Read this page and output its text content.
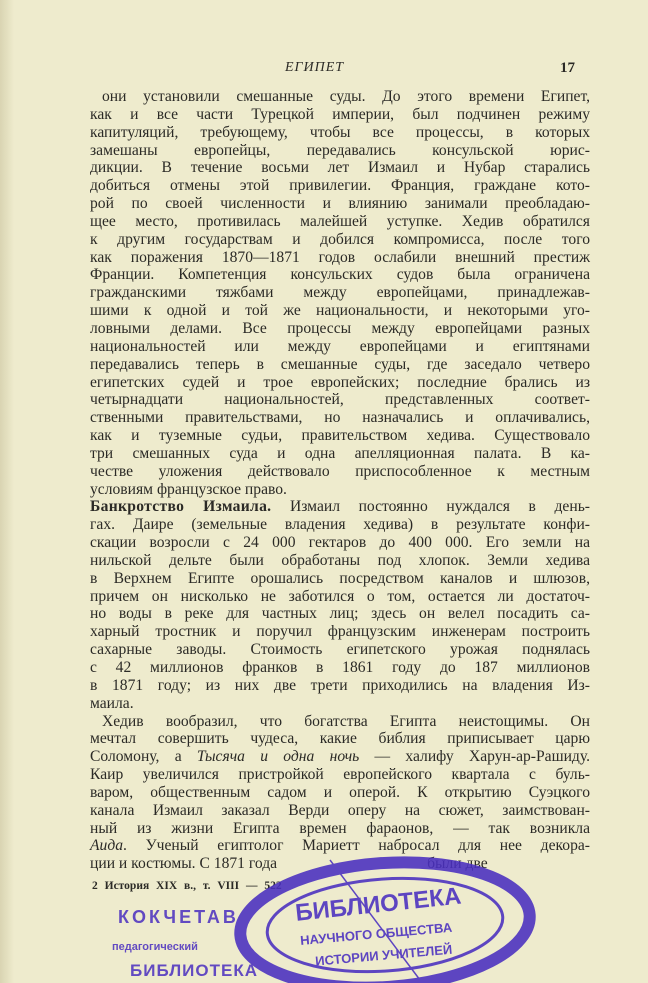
ЕГИПЕТ	17
они установили смешанные суды. До этого времени Египет,
как и все части Турецкой империи, был подчинен режиму
капитуляций, требующему, чтобы все процессы, в которых
замешаны европейцы, передавались консульской юрис-
дикции. В течение восьми лет Измаил и Нубар старались
добиться отмены этой привилегии. Франция, граждане кото-
рой по своей численности и влиянию занимали преобладаю-
щее место, противилась малейшей уступке. Хедив обратился
к другим государствам и добился компромисса, после того
как поражения 1870—1871 годов ослабили внешний престиж
Франции. Компетенция консульских судов была ограничена
гражданскими тяжбами между европейцами, принадлежав-
шими к одной и той же национальности, и некоторыми уго-
ловными делами. Все процессы между европейцами разных
национальностей или между европейцами и египтянами
передавались теперь в смешанные суды, где заседало четверо
египетских судей и трое европейских; последние брались из
четырнадцати национальностей, представленных соответ-
ственными правительствами, но назначались и оплачивались,
как и туземные судьи, правительством хедива. Существовало
три смешанных суда и одна апелляционная палата. В ка-
честве уложения действовало приспособленное к местным
условиям французское право.
Банкротство Измаила. Измаил постоянно нуждался в день-
гах. Даире (земельные владения хедива) в результате конфи-
скации возросли с 24 000 гектаров до 400 000. Его земли на
нильской дельте были обработаны под хлопок. Земли хедива
в Верхнем Египте орошались посредством каналов и шлюзов,
причем он нисколько не заботился о том, остается ли достаточ-
но воды в реке для частных лиц; здесь он велел посадить са-
харный тростник и поручил французским инженерам построить
сахарные заводы. Стоимость египетского урожая поднялась
с 42 миллионов франков в 1861 году до 187 миллионов
в 1871 году; из них две трети приходились на владения Из-
маила.
Хедив вообразил, что богатства Египта неистощимы. Он
мечтал совершить чудеса, какие библия приписывает царю
Соломону, а Тысяча и одна ночь — халифу Харун-ар-Рашиду.
Каир увеличился пристройкой европейского квартала с буль-
варом, общественным садом и оперой. К открытию Суэцкого
канала Измаил заказал Верди оперу на сюжет, заимствован-
ный из жизни Египта времен фараонов, — так возникла
Аида. Ученый египтолог Мариетт набросал для нее декора-
ции и костюмы. С 1871 года	были две
2 История XIX в., т. VIII — 522
КОКЧЕТАВ
педагогический
БИБЛИОТЕКА
БИБЛИОТЕКА
НАУЧНОГО ОБЩЕСТВА
ИСТОРИИ УЧИТЕЛЕЙ
